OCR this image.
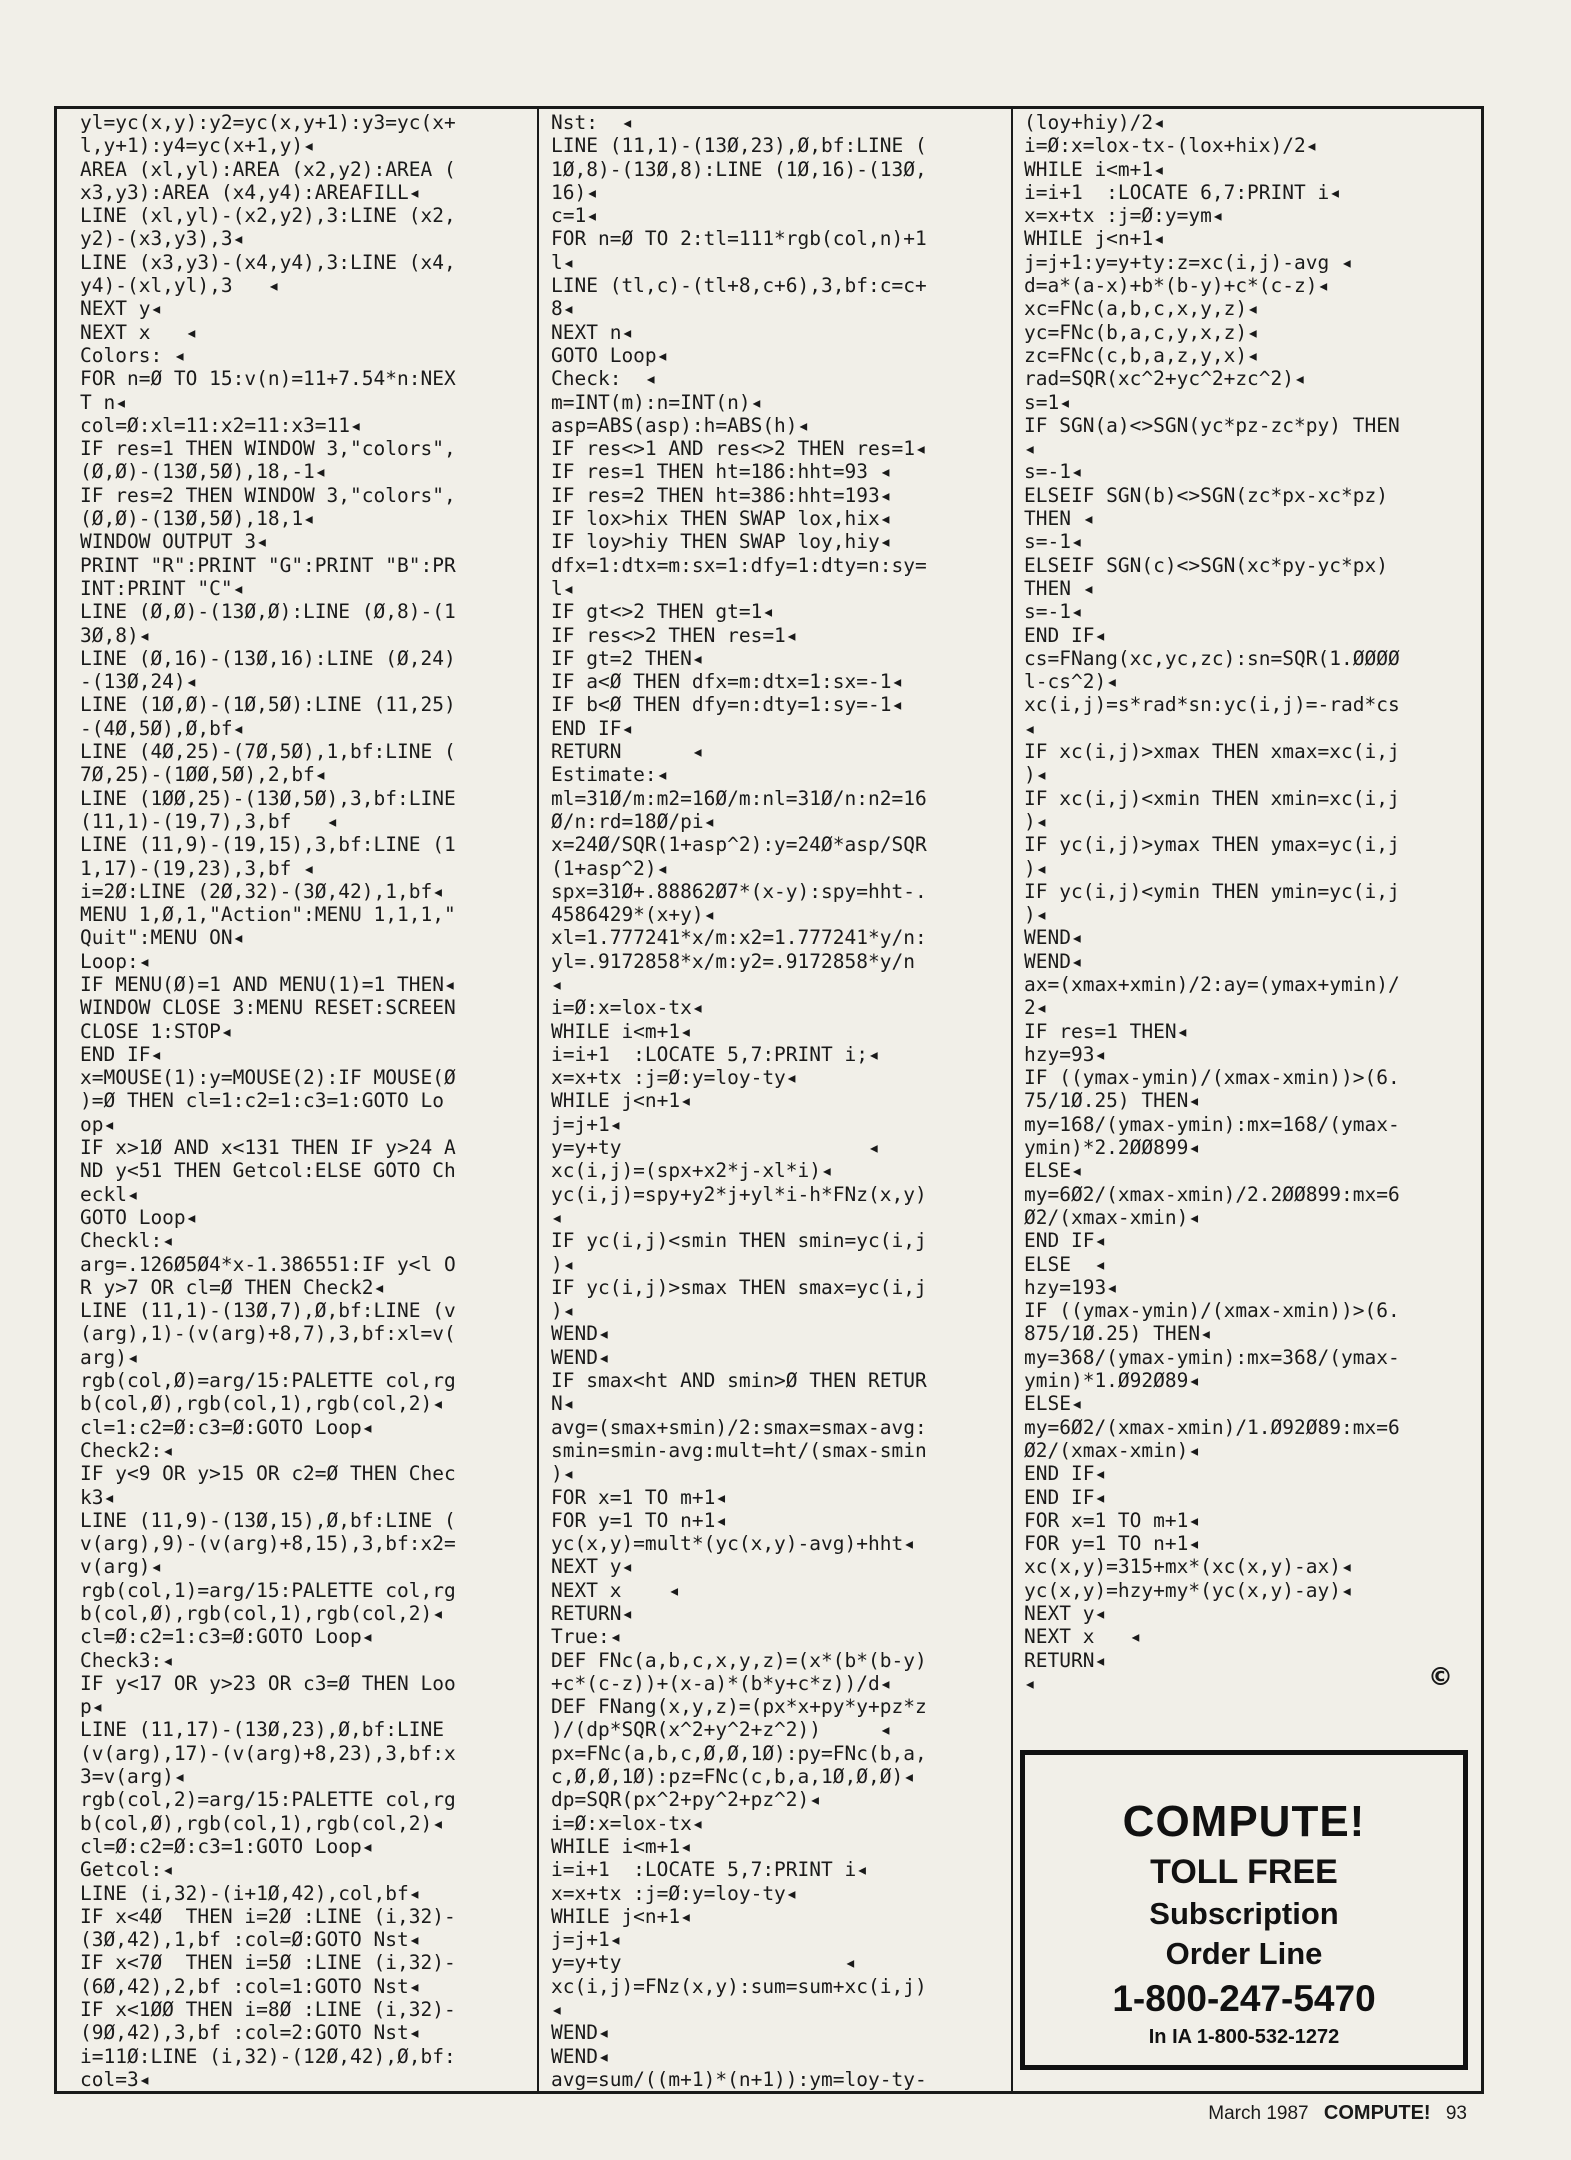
yl=yc(x,y):y2=yc(x,y+1):y3=yc(x+
l,y+1):y4=yc(x+1,y)◂
AREA (xl,yl):AREA (x2,y2):AREA (
x3,y3):AREA (x4,y4):AREAFILL◂
LINE (xl,yl)-(x2,y2),3:LINE (x2,
y2)-(x3,y3),3◂
LINE (x3,y3)-(x4,y4),3:LINE (x4,
y4)-(xl,yl),3   ◂
NEXT y◂
NEXT x   ◂
Colors: ◂
FOR n=Ø TO 15:v(n)=11+7.54*n:NEX
T n◂
col=Ø:xl=11:x2=11:x3=11◂
IF res=1 THEN WINDOW 3,"colors",
(Ø,Ø)-(13Ø,5Ø),18,-1◂
IF res=2 THEN WINDOW 3,"colors",
(Ø,Ø)-(13Ø,5Ø),18,1◂
WINDOW OUTPUT 3◂
PRINT "R":PRINT "G":PRINT "B":PR
INT:PRINT "C"◂
LINE (Ø,Ø)-(13Ø,Ø):LINE (Ø,8)-(1
3Ø,8)◂
LINE (Ø,16)-(13Ø,16):LINE (Ø,24)
-(13Ø,24)◂
LINE (1Ø,Ø)-(1Ø,5Ø):LINE (11,25)
-(4Ø,5Ø),Ø,bf◂
LINE (4Ø,25)-(7Ø,5Ø),1,bf:LINE (
7Ø,25)-(1ØØ,5Ø),2,bf◂
LINE (1ØØ,25)-(13Ø,5Ø),3,bf:LINE
(11,1)-(19,7),3,bf   ◂
LINE (11,9)-(19,15),3,bf:LINE (1
1,17)-(19,23),3,bf ◂
i=2Ø:LINE (2Ø,32)-(3Ø,42),1,bf◂
MENU 1,Ø,1,"Action":MENU 1,1,1,"
Quit":MENU ON◂
Loop:◂
IF MENU(Ø)=1 AND MENU(1)=1 THEN◂
WINDOW CLOSE 3:MENU RESET:SCREEN
CLOSE 1:STOP◂
END IF◂
x=MOUSE(1):y=MOUSE(2):IF MOUSE(Ø
)=Ø THEN cl=1:c2=1:c3=1:GOTO Lo
op◂
IF x>1Ø AND x<131 THEN IF y>24 A
ND y<51 THEN Getcol:ELSE GOTO Ch
eckl◂
GOTO Loop◂
Checkl:◂
arg=.126Ø5Ø4*x-1.386551:IF y<l O
R y>7 OR cl=Ø THEN Check2◂
LINE (11,1)-(13Ø,7),Ø,bf:LINE (v
(arg),1)-(v(arg)+8,7),3,bf:xl=v(
arg)◂
rgb(col,Ø)=arg/15:PALETTE col,rg
b(col,Ø),rgb(col,1),rgb(col,2)◂
cl=1:c2=Ø:c3=Ø:GOTO Loop◂
Check2:◂
IF y<9 OR y>15 OR c2=Ø THEN Chec
k3◂
LINE (11,9)-(13Ø,15),Ø,bf:LINE (
v(arg),9)-(v(arg)+8,15),3,bf:x2=
v(arg)◂
rgb(col,1)=arg/15:PALETTE col,rg
b(col,Ø),rgb(col,1),rgb(col,2)◂
cl=Ø:c2=1:c3=Ø:GOTO Loop◂
Check3:◂
IF y<17 OR y>23 OR c3=Ø THEN Loo
p◂
LINE (11,17)-(13Ø,23),Ø,bf:LINE
(v(arg),17)-(v(arg)+8,23),3,bf:x
3=v(arg)◂
rgb(col,2)=arg/15:PALETTE col,rg
b(col,Ø),rgb(col,1),rgb(col,2)◂
cl=Ø:c2=Ø:c3=1:GOTO Loop◂
Getcol:◂
LINE (i,32)-(i+1Ø,42),col,bf◂
IF x<4Ø  THEN i=2Ø :LINE (i,32)-
(3Ø,42),1,bf :col=Ø:GOTO Nst◂
IF x<7Ø  THEN i=5Ø :LINE (i,32)-
(6Ø,42),2,bf :col=1:GOTO Nst◂
IF x<1ØØ THEN i=8Ø :LINE (i,32)-
(9Ø,42),3,bf :col=2:GOTO Nst◂
i=11Ø:LINE (i,32)-(12Ø,42),Ø,bf:
col=3◂
Nst:  ◂
LINE (11,1)-(13Ø,23),Ø,bf:LINE (
1Ø,8)-(13Ø,8):LINE (1Ø,16)-(13Ø,
16)◂
c=1◂
FOR n=Ø TO 2:tl=111*rgb(col,n)+1
l◂
LINE (tl,c)-(tl+8,c+6),3,bf:c=c+
8◂
NEXT n◂
GOTO Loop◂
Check:  ◂
m=INT(m):n=INT(n)◂
asp=ABS(asp):h=ABS(h)◂
IF res<>1 AND res<>2 THEN res=1◂
IF res=1 THEN ht=186:hht=93 ◂
IF res=2 THEN ht=386:hht=193◂
IF lox>hix THEN SWAP lox,hix◂
IF loy>hiy THEN SWAP loy,hiy◂
dfx=1:dtx=m:sx=1:dfy=1:dty=n:sy=
l◂
IF gt<>2 THEN gt=1◂
IF res<>2 THEN res=1◂
IF gt=2 THEN◂
IF a<Ø THEN dfx=m:dtx=1:sx=-1◂
IF b<Ø THEN dfy=n:dty=1:sy=-1◂
END IF◂
RETURN      ◂
Estimate:◂
ml=31Ø/m:m2=16Ø/m:nl=31Ø/n:n2=16
Ø/n:rd=18Ø/pi◂
x=24Ø/SQR(1+asp^2):y=24Ø*asp/SQR
(1+asp^2)◂
spx=31Ø+.88862Ø7*(x-y):spy=hht-.
4586429*(x+y)◂
xl=1.777241*x/m:x2=1.777241*y/n:
yl=.9172858*x/m:y2=.9172858*y/n
◂
i=Ø:x=lox-tx◂
WHILE i<m+1◂
i=i+1  :LOCATE 5,7:PRINT i;◂
x=x+tx :j=Ø:y=loy-ty◂
WHILE j<n+1◂
j=j+1◂
y=y+ty                     ◂
xc(i,j)=(spx+x2*j-xl*i)◂
yc(i,j)=spy+y2*j+yl*i-h*FNz(x,y)
◂
IF yc(i,j)<smin THEN smin=yc(i,j
)◂
IF yc(i,j)>smax THEN smax=yc(i,j
)◂
WEND◂
WEND◂
IF smax<ht AND smin>Ø THEN RETUR
N◂
avg=(smax+smin)/2:smax=smax-avg:
smin=smin-avg:mult=ht/(smax-smin
)◂
FOR x=1 TO m+1◂
FOR y=1 TO n+1◂
yc(x,y)=mult*(yc(x,y)-avg)+hht◂
NEXT y◂
NEXT x    ◂
RETURN◂
True:◂
DEF FNc(a,b,c,x,y,z)=(x*(b*(b-y)
+c*(c-z))+(x-a)*(b*y+c*z))/d◂
DEF FNang(x,y,z)=(px*x+py*y+pz*z
)/(dp*SQR(x^2+y^2+z^2))     ◂
px=FNc(a,b,c,Ø,Ø,1Ø):py=FNc(b,a,
c,Ø,Ø,1Ø):pz=FNc(c,b,a,1Ø,Ø,Ø)◂
dp=SQR(px^2+py^2+pz^2)◂
i=Ø:x=lox-tx◂
WHILE i<m+1◂
i=i+1  :LOCATE 5,7:PRINT i◂
x=x+tx :j=Ø:y=loy-ty◂
WHILE j<n+1◂
j=j+1◂
y=y+ty                   ◂
xc(i,j)=FNz(x,y):sum=sum+xc(i,j)
◂
WEND◂
WEND◂
avg=sum/((m+1)*(n+1)):ym=loy-ty-
(loy+hiy)/2◂
i=Ø:x=lox-tx-(lox+hix)/2◂
WHILE i<m+1◂
i=i+1  :LOCATE 6,7:PRINT i◂
x=x+tx :j=Ø:y=ym◂
WHILE j<n+1◂
j=j+1:y=y+ty:z=xc(i,j)-avg ◂
d=a*(a-x)+b*(b-y)+c*(c-z)◂
xc=FNc(a,b,c,x,y,z)◂
yc=FNc(b,a,c,y,x,z)◂
zc=FNc(c,b,a,z,y,x)◂
rad=SQR(xc^2+yc^2+zc^2)◂
s=1◂
IF SGN(a)<>SGN(yc*pz-zc*py) THEN
◂
s=-1◂
ELSEIF SGN(b)<>SGN(zc*px-xc*pz)
THEN ◂
s=-1◂
ELSEIF SGN(c)<>SGN(xc*py-yc*px)
THEN ◂
s=-1◂
END IF◂
cs=FNang(xc,yc,zc):sn=SQR(1.ØØØØ
l-cs^2)◂
xc(i,j)=s*rad*sn:yc(i,j)=-rad*cs
◂
IF xc(i,j)>xmax THEN xmax=xc(i,j
)◂
IF xc(i,j)<xmin THEN xmin=xc(i,j
)◂
IF yc(i,j)>ymax THEN ymax=yc(i,j
)◂
IF yc(i,j)<ymin THEN ymin=yc(i,j
)◂
WEND◂
WEND◂
ax=(xmax+xmin)/2:ay=(ymax+ymin)/
2◂
IF res=1 THEN◂
hzy=93◂
IF ((ymax-ymin)/(xmax-xmin))>(6.
75/1Ø.25) THEN◂
my=168/(ymax-ymin):mx=168/(ymax-
ymin)*2.2ØØ899◂
ELSE◂
my=6Ø2/(xmax-xmin)/2.2ØØ899:mx=6
Ø2/(xmax-xmin)◂
END IF◂
ELSE  ◂
hzy=193◂
IF ((ymax-ymin)/(xmax-xmin))>(6.
875/1Ø.25) THEN◂
my=368/(ymax-ymin):mx=368/(ymax-
ymin)*1.Ø92Ø89◂
ELSE◂
my=6Ø2/(xmax-xmin)/1.Ø92Ø89:mx=6
Ø2/(xmax-xmin)◂
END IF◂
END IF◂
FOR x=1 TO m+1◂
FOR y=1 TO n+1◂
xc(x,y)=315+mx*(xc(x,y)-ax)◂
yc(x,y)=hzy+my*(yc(x,y)-ay)◂
NEXT y◂
NEXT x   ◂
RETURN◂
◂	©
COMPUTE!
TOLL FREE
Subscription
Order Line
1-800-247-5470
In IA 1-800-532-1272
March 1987 COMPUTE! 93
